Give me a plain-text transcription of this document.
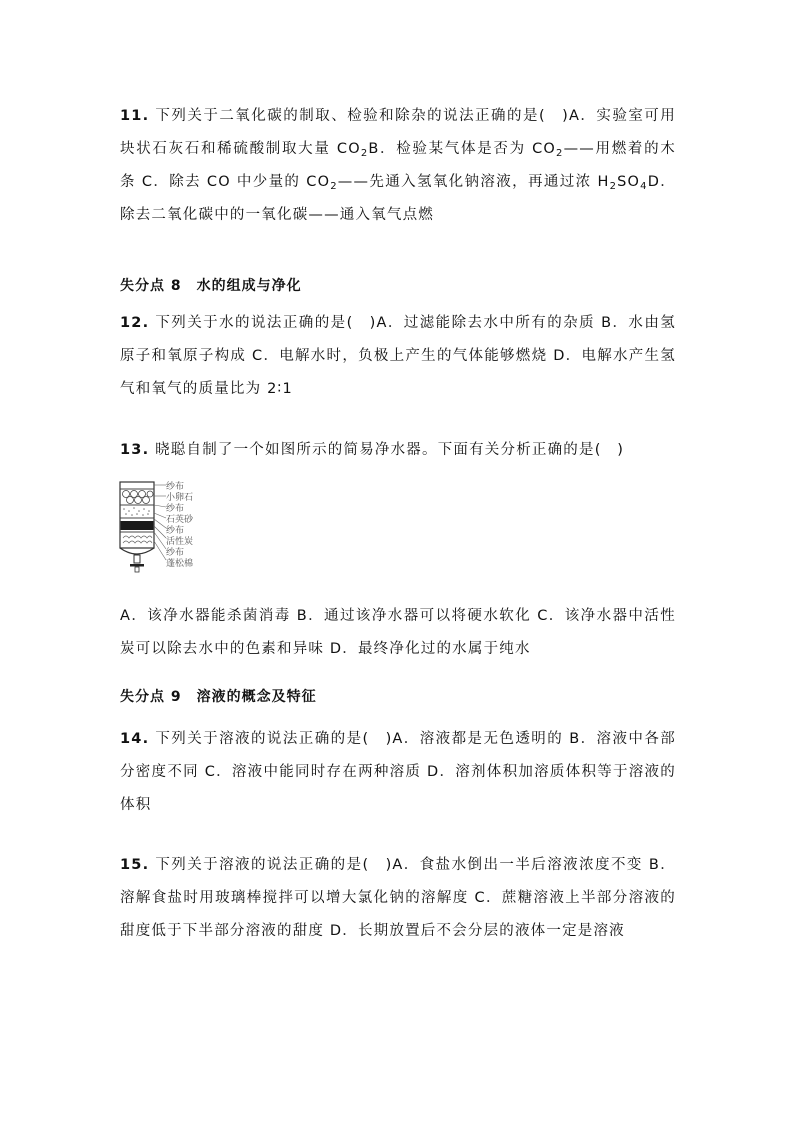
11. 下列关于二氧化碳的制取、检验和除杂的说法正确的是(　)A．实验室可用块状石灰石和稀硫酸制取大量 $CO_2B$．检验某气体是否为 $CO_2——$用燃着的木条 C．除去 CO 中少量的 $CO_2——$先通入氢氧化钠溶液，再通过浓 $H_2SO_4D$．除去二氧化碳中的一氧化碳——通入氧气点燃

失分点 8　水的组成与净化

12. 下列关于水的说法正确的是(　)A．过滤能除去水中所有的杂质 B．水由氢原子和氧原子构成 C．电解水时，负极上产生的气体能够燃烧 D．电解水产生氢气和氧气的质量比为 2∶1

13. 晓聪自制了一个如图所示的简易净水器。下面有关分析正确的是(　)

纱布
小卵石
纱布
石英砂
纱布
活性炭
纱布
蓬松棉

A．该净水器能杀菌消毒 B．通过该净水器可以将硬水软化 C．该净水器中活性炭可以除去水中的色素和异味 D．最终净化过的水属于纯水

失分点 9　溶液的概念及特征

14. 下列关于溶液的说法正确的是(　)A．溶液都是无色透明的 B．溶液中各部分密度不同 C．溶液中能同时存在两种溶质 D．溶剂体积加溶质体积等于溶液的体积

15. 下列关于溶液的说法正确的是(　)A．食盐水倒出一半后溶液浓度不变 B．溶解食盐时用玻璃棒搅拌可以增大氯化钠的溶解度 C．蔗糖溶液上半部分溶液的甜度低于下半部分溶液的甜度 D．长期放置后不会分层的液体一定是溶液
